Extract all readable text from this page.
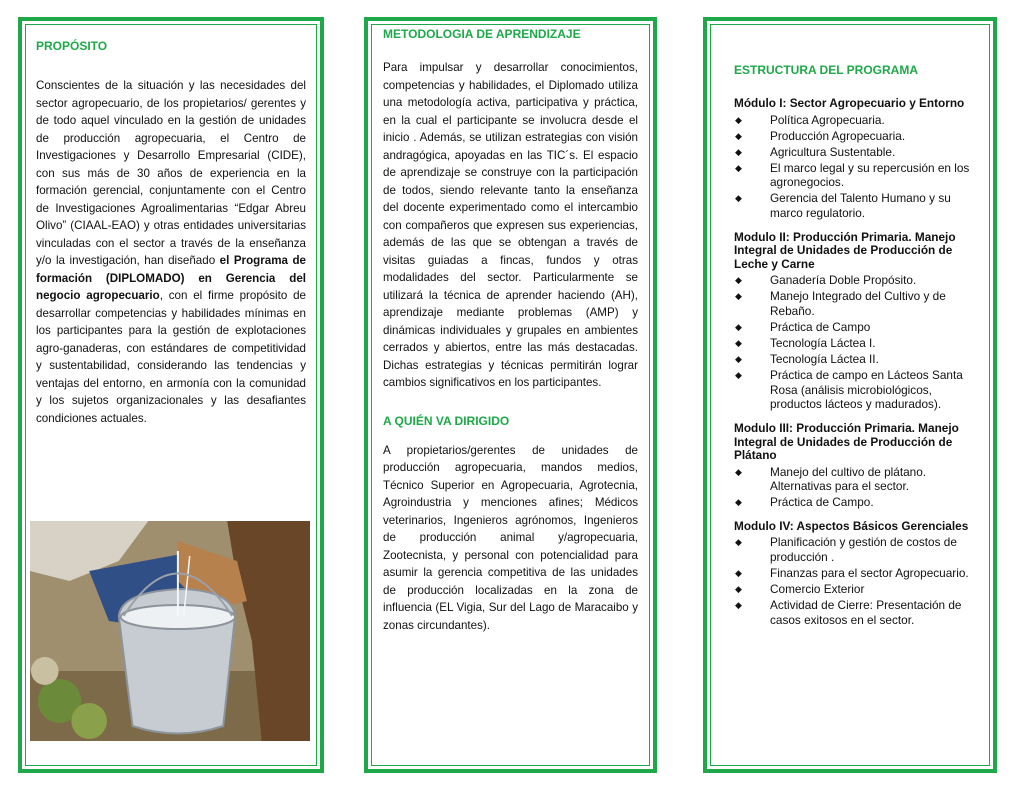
PROPÓSITO

Conscientes de la situación y las necesidades del sector agropecuario, de los propietarios/ gerentes y de todo aquel vinculado en la gestión de unidades de producción agropecuaria, el Centro de Investigaciones y Desarrollo Empresarial (CIDE), con sus más de 30 años de experiencia en la formación gerencial, conjuntamente con el Centro de Investigaciones Agroalimentarias “Edgar Abreu Olivo” (CIAAL-EAO) y otras entidades universitarias vinculadas con el sector a través de la enseñanza y/o la investigación, han diseñado el Programa de formación (DIPLOMADO) en Gerencia del negocio agropecuario, con el firme propósito de desarrollar competencias y habilidades mínimas en los participantes para la gestión de explotaciones agro-ganaderas, con estándares de competitividad y sustentabilidad, considerando las tendencias y ventajas del entorno, en armonía con la comunidad y los sujetos organizacionales y las desafiantes condiciones actuales.

METODOLOGIA DE APRENDIZAJE

Para impulsar y desarrollar conocimientos, competencias y habilidades, el Diplomado utiliza una metodología activa, participativa y práctica, en la cual el participante se involucra desde el inicio . Además, se utilizan estrategias con visión andragógica, apoyadas en las TIC´s. El espacio de aprendizaje se construye con la participación de todos, siendo relevante tanto la enseñanza del docente experimentado como el intercambio con compañeros que expresen sus experiencias, además de las que se obtengan a través de visitas guiadas a fincas, fundos y otras modalidades del sector. Particularmente se utilizará la técnica de aprender haciendo (AH), aprendizaje mediante problemas (AMP) y dinámicas individuales y grupales en ambientes cerrados y abiertos, entre las más destacadas. Dichas estrategias y técnicas permitirán lograr cambios significativos en los participantes.

A QUIÉN VA DIRIGIDO

A propietarios/gerentes de unidades de producción agropecuaria, mandos medios, Técnico Superior en Agropecuaria, Agrotecnia, Agroindustria y menciones afines; Médicos veterinarios, Ingenieros agrónomos, Ingenieros de producción animal y/agropecuaria, Zootecnista, y personal con potencialidad para asumir la gerencia competitiva de las unidades de producción localizadas en la zona de influencia (EL Vigia, Sur del Lago de Maracaibo y zonas circundantes).

ESTRUCTURA DEL PROGRAMA

Módulo I: Sector Agropecuario y Entorno

◆ Política Agropecuaria.
◆ Producción Agropecuaria.
◆ Agricultura Sustentable.
◆ El marco legal y su repercusión en los agronegocios.
◆ Gerencia del Talento Humano y su marco regulatorio.

Modulo II: Producción Primaria. Manejo Integral de Unidades de Producción de Leche y Carne

◆ Ganadería Doble Propósito.
◆ Manejo Integrado del Cultivo y de Rebaño.
◆ Práctica de Campo
◆ Tecnología Láctea I.
◆ Tecnología Láctea II.
◆ Práctica de campo en Lácteos Santa Rosa (análisis microbiológicos, productos lácteos y madurados).

Modulo III: Producción Primaria. Manejo Integral de Unidades de Producción de Plátano

◆ Manejo del cultivo de plátano. Alternativas para el sector.
◆ Práctica de Campo.

Modulo IV: Aspectos Básicos Gerenciales

◆ Planificación y gestión de costos de producción .
◆ Finanzas para el sector Agropecuario.
◆ Comercio Exterior
◆ Actividad de Cierre: Presentación de casos exitosos en el sector.
